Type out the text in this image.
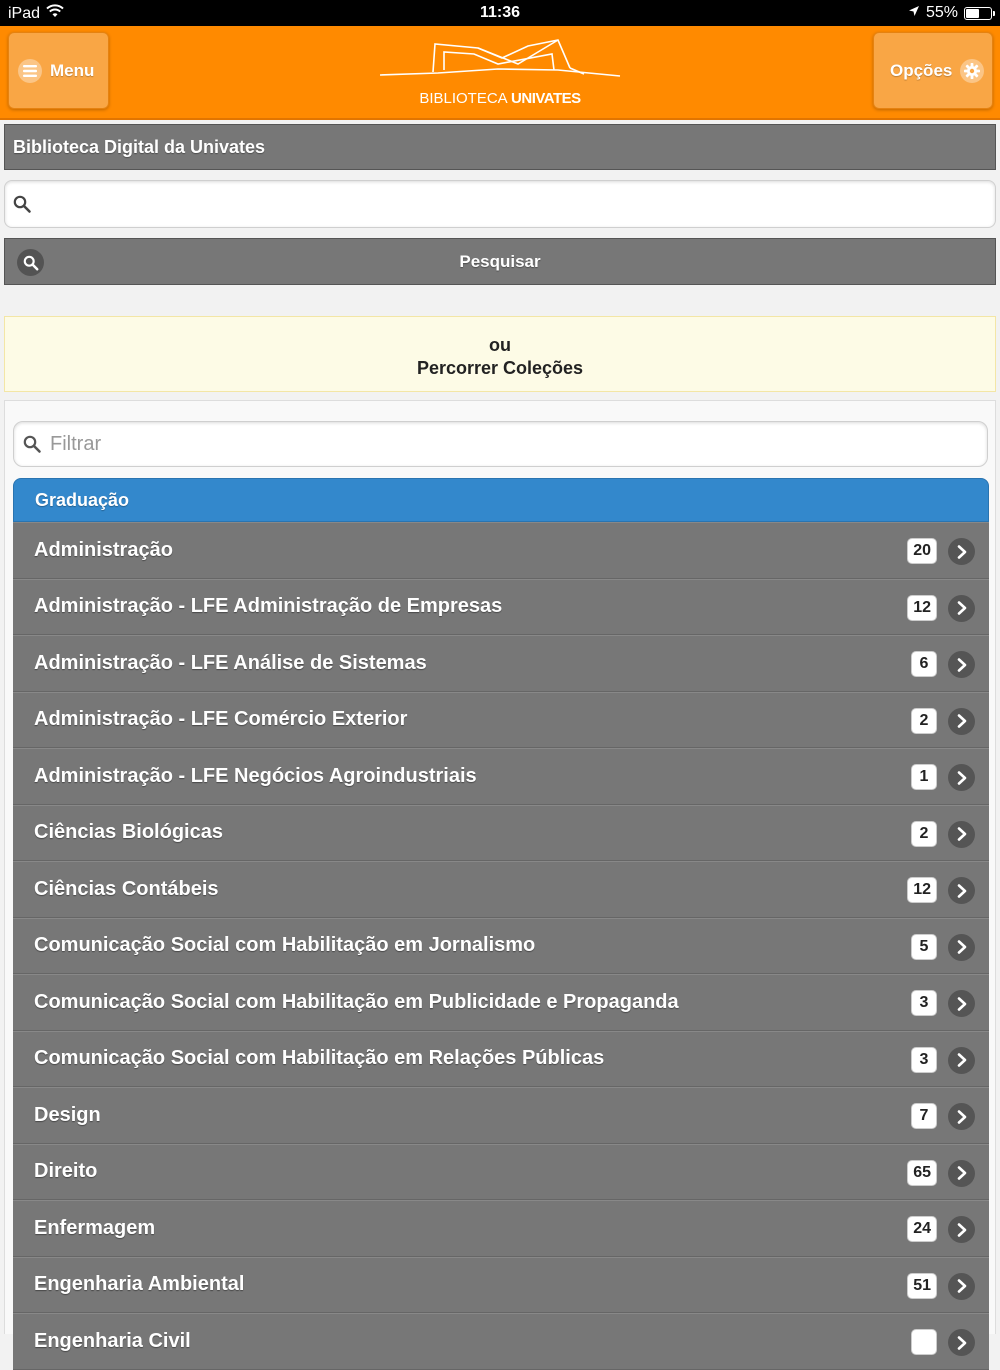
iPad	11:36	55%
Menu
BIBLIOTECA UNIVATES
Opções
Biblioteca Digital da Univates
Pesquisar
ou
Percorrer Coleções
Filtrar
Graduação
Administração	20
Administração - LFE Administração de Empresas	12
Administração - LFE Análise de Sistemas	6
Administração - LFE Comércio Exterior	2
Administração - LFE Negócios Agroindustriais	1
Ciências Biológicas	2
Ciências Contábeis	12
Comunicação Social com Habilitação em Jornalismo	5
Comunicação Social com Habilitação em Publicidade e Propaganda	3
Comunicação Social com Habilitação em Relações Públicas	3
Design	7
Direito	65
Enfermagem	24
Engenharia Ambiental	51
Engenharia Civil
